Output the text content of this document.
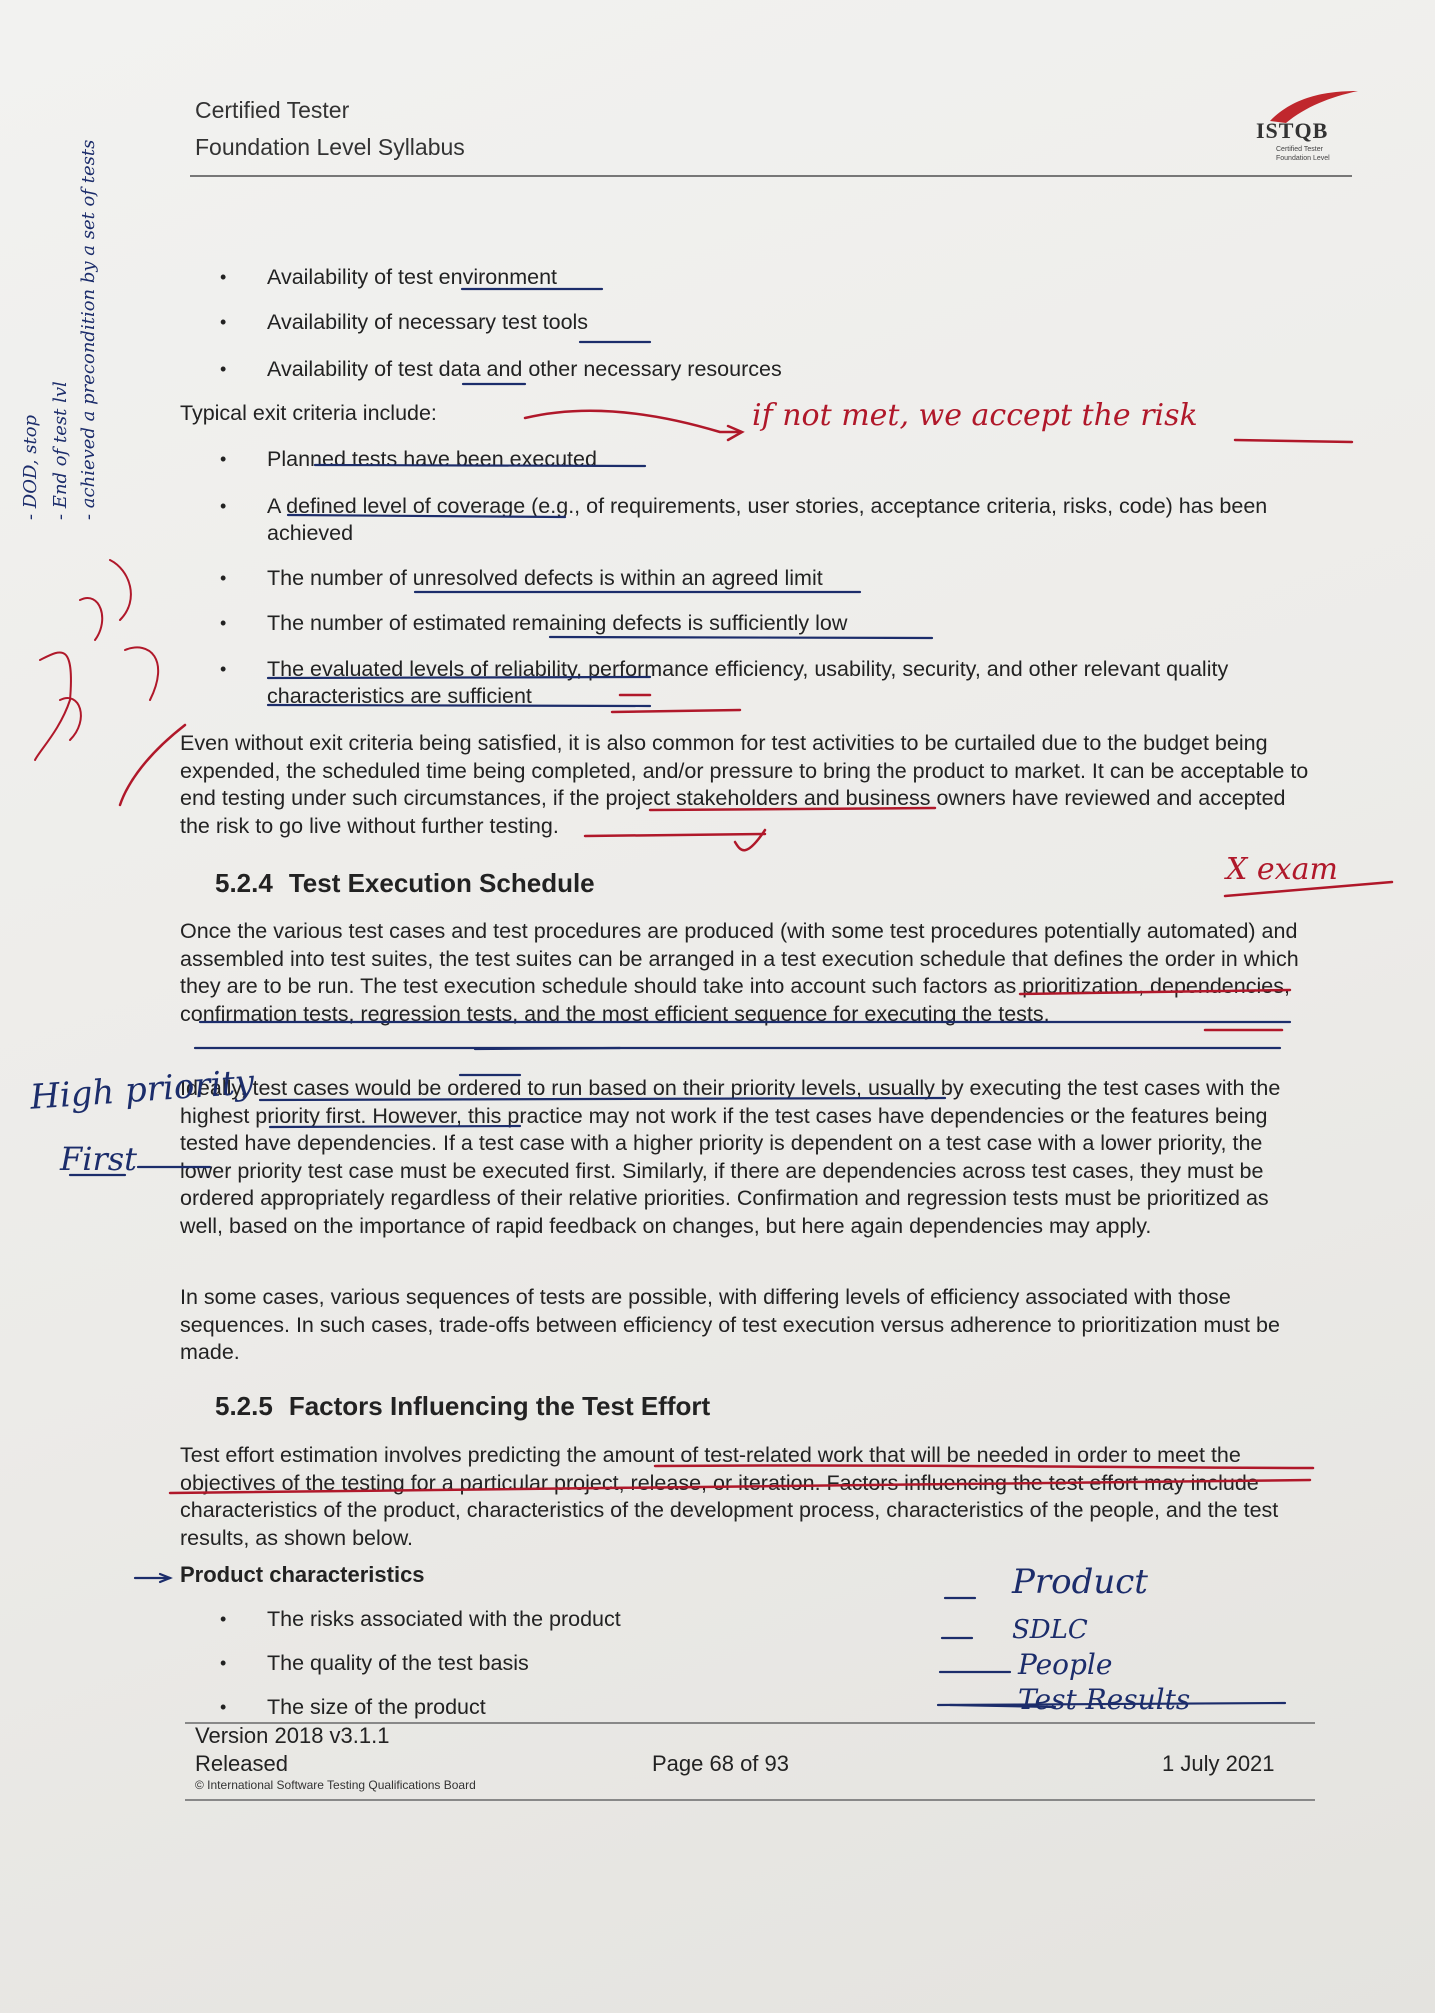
Certified Tester
Foundation Level Syllabus
ISTQB
Certified Tester
Foundation Level
• Availability of test environment
• Availability of necessary test tools
• Availability of test data and other necessary resources
Typical exit criteria include:
• Planned tests have been executed
• A defined level of coverage (e.g., of requirements, user stories, acceptance criteria, risks, code) has been achieved
• The number of unresolved defects is within an agreed limit
• The number of estimated remaining defects is sufficiently low
• The evaluated levels of reliability, performance efficiency, usability, security, and other relevant quality characteristics are sufficient
Even without exit criteria being satisfied, it is also common for test activities to be curtailed due to the budget being expended, the scheduled time being completed, and/or pressure to bring the product to market. It can be acceptable to end testing under such circumstances, if the project stakeholders and business owners have reviewed and accepted the risk to go live without further testing.
5.2.4 Test Execution Schedule
Once the various test cases and test procedures are produced (with some test procedures potentially automated) and assembled into test suites, the test suites can be arranged in a test execution schedule that defines the order in which they are to be run. The test execution schedule should take into account such factors as prioritization, dependencies, confirmation tests, regression tests, and the most efficient sequence for executing the tests.
Ideally, test cases would be ordered to run based on their priority levels, usually by executing the test cases with the highest priority first. However, this practice may not work if the test cases have dependencies or the features being tested have dependencies. If a test case with a higher priority is dependent on a test case with a lower priority, the lower priority test case must be executed first. Similarly, if there are dependencies across test cases, they must be ordered appropriately regardless of their relative priorities. Confirmation and regression tests must be prioritized as well, based on the importance of rapid feedback on changes, but here again dependencies may apply.
In some cases, various sequences of tests are possible, with differing levels of efficiency associated with those sequences. In such cases, trade-offs between efficiency of test execution versus adherence to prioritization must be made.
5.2.5 Factors Influencing the Test Effort
Test effort estimation involves predicting the amount of test-related work that will be needed in order to meet the objectives of the testing for a particular project, release, or iteration. Factors influencing the test effort may include characteristics of the product, characteristics of the development process, characteristics of the people, and the test results, as shown below.
Product characteristics
• The risks associated with the product
• The quality of the test basis
• The size of the product
Version 2018 v3.1.1
Released
© International Software Testing Qualifications Board
Page 68 of 93	1 July 2021
if not met, we accept the risk
X exam
High priority
First
- DOD, stop - End of test lvl - achieved a precondition by a set of tests
Product
SDLC
People
Test Results
